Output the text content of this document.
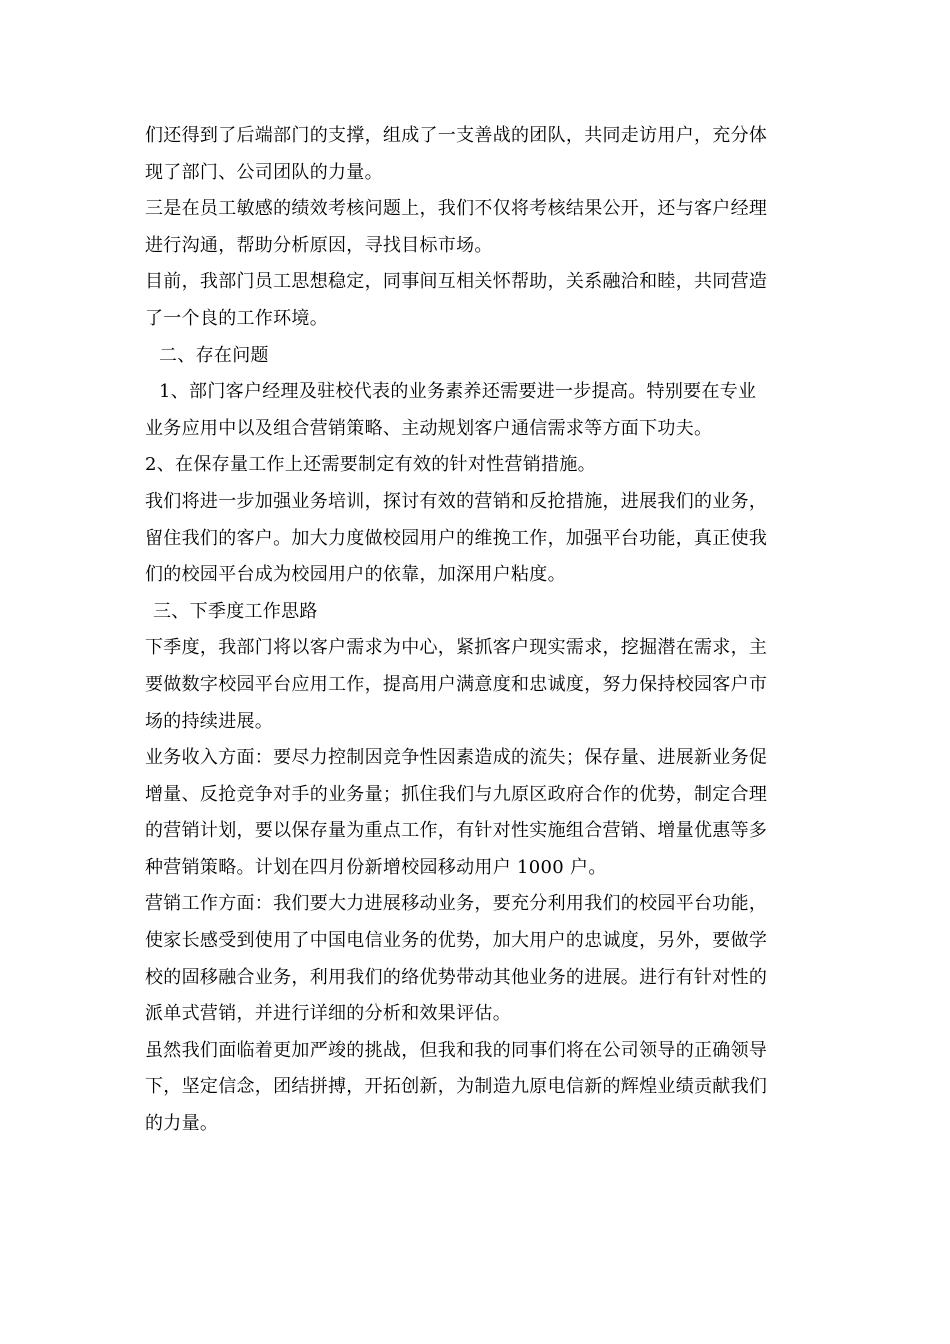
们还得到了后端部门的支撑，组成了一支善战的团队，共同走访用户，充分体
现了部门、公司团队的力量。
三是在员工敏感的绩效考核问题上，我们不仅将考核结果公开，还与客户经理
进行沟通，帮助分析原因，寻找目标市场。
目前，我部门员工思想稳定，同事间互相关怀帮助，关系融洽和睦，共同营造
了一个良的工作环境。
二、存在问题
1、部门客户经理及驻校代表的业务素养还需要进一步提高。特别要在专业
业务应用中以及组合营销策略、主动规划客户通信需求等方面下功夫。
2、在保存量工作上还需要制定有效的针对性营销措施。
我们将进一步加强业务培训，探讨有效的营销和反抢措施，进展我们的业务，
留住我们的客户。加大力度做校园用户的维挽工作，加强平台功能，真正使我
们的校园平台成为校园用户的依靠，加深用户粘度。
三、下季度工作思路
下季度，我部门将以客户需求为中心，紧抓客户现实需求，挖掘潜在需求，主
要做数字校园平台应用工作，提高用户满意度和忠诚度，努力保持校园客户市
场的持续进展。
业务收入方面：要尽力控制因竞争性因素造成的流失；保存量、进展新业务促
增量、反抢竞争对手的业务量；抓住我们与九原区政府合作的优势，制定合理
的营销计划，要以保存量为重点工作，有针对性实施组合营销、增量优惠等多
种营销策略。计划在四月份新增校园移动用户 1000 户。
营销工作方面：我们要大力进展移动业务，要充分利用我们的校园平台功能，
使家长感受到使用了中国电信业务的优势，加大用户的忠诚度，另外，要做学
校的固移融合业务，利用我们的络优势带动其他业务的进展。进行有针对性的
派单式营销，并进行详细的分析和效果评估。
虽然我们面临着更加严竣的挑战，但我和我的同事们将在公司领导的正确领导
下，坚定信念，团结拼搏，开拓创新，为制造九原电信新的辉煌业绩贡献我们
的力量。
